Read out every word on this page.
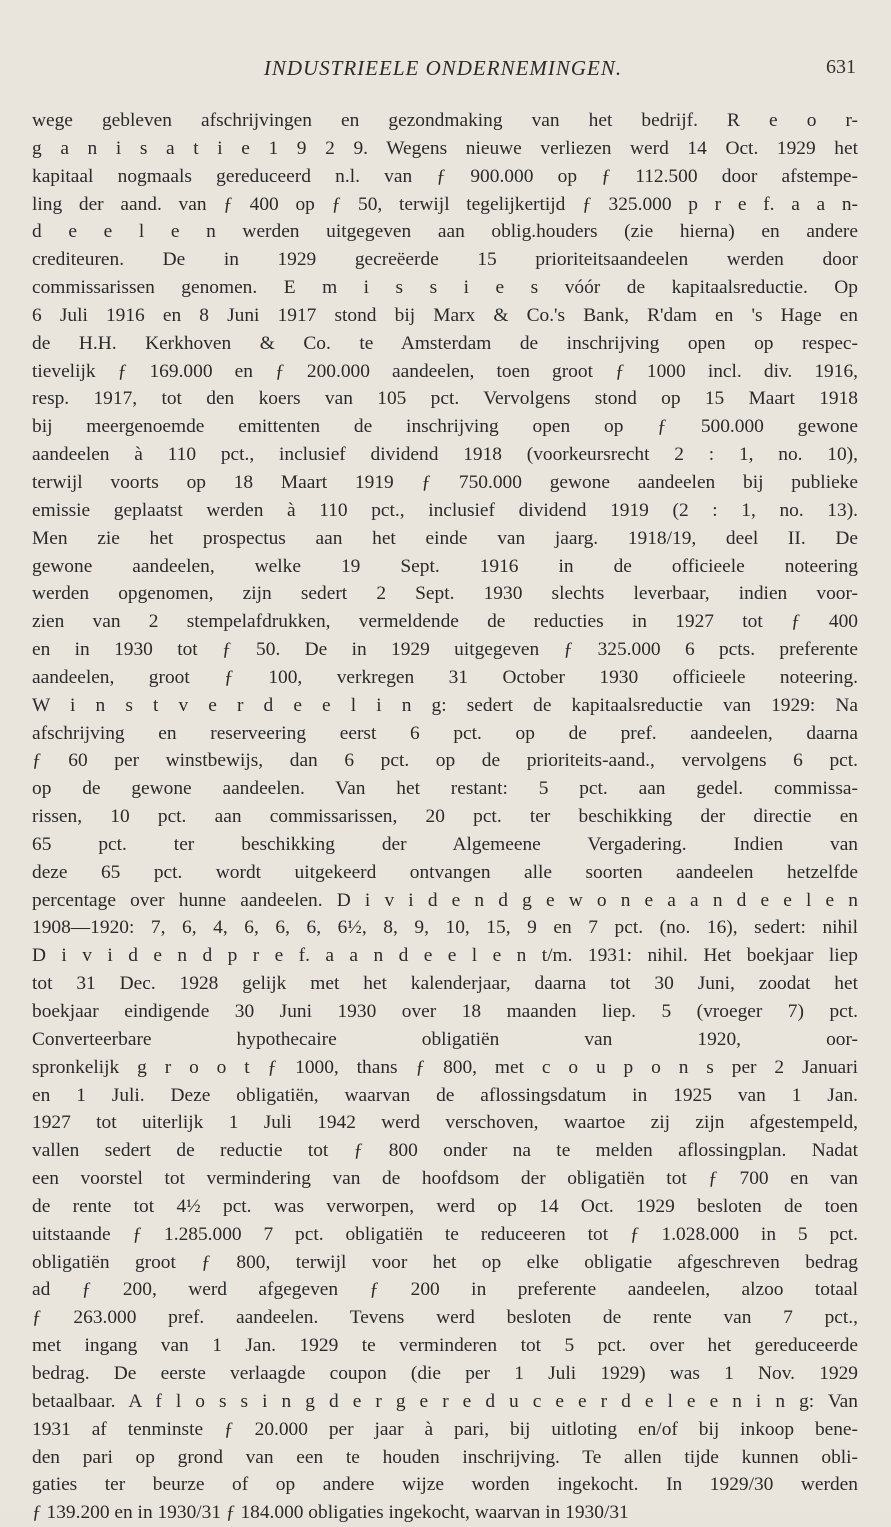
INDUSTRIEELE ONDERNEMINGEN.	631
wege gebleven afschrijvingen en gezondmaking van het bedrijf. R e o r-
g a n i s a t i e 1 9 2 9. Wegens nieuwe verliezen werd 14 Oct. 1929 het
kapitaal nogmaals gereduceerd n.l. van ƒ 900.000 op ƒ 112.500 door afstempe-
ling der aand. van ƒ 400 op ƒ 50, terwijl tegelijkertijd ƒ 325.000 p r e f. a a n-
d e e l e n werden uitgegeven aan oblig.houders (zie hierna) en andere
crediteuren. De in 1929 gecreëerde 15 prioriteitsaandeelen werden door
commissarissen genomen. E m i s s i e s vóór de kapitaalsreductie. Op
6 Juli 1916 en 8 Juni 1917 stond bij Marx & Co.'s Bank, R'dam en 's Hage en
de H.H. Kerkhoven & Co. te Amsterdam de inschrijving open op respec-
tievelijk ƒ 169.000 en ƒ 200.000 aandeelen, toen groot ƒ 1000 incl. div. 1916,
resp. 1917, tot den koers van 105 pct. Vervolgens stond op 15 Maart 1918
bij meergenoemde emittenten de inschrijving open op ƒ 500.000 gewone
aandeelen à 110 pct., inclusief dividend 1918 (voorkeursrecht 2 : 1, no. 10),
terwijl voorts op 18 Maart 1919 ƒ 750.000 gewone aandeelen bij publieke
emissie geplaatst werden à 110 pct., inclusief dividend 1919 (2 : 1, no. 13).
Men zie het prospectus aan het einde van jaarg. 1918/19, deel II. De
gewone aandeelen, welke 19 Sept. 1916 in de officieele noteering
werden opgenomen, zijn sedert 2 Sept. 1930 slechts leverbaar, indien voor-
zien van 2 stempelafdrukken, vermeldende de reducties in 1927 tot ƒ 400
en in 1930 tot ƒ 50. De in 1929 uitgegeven ƒ 325.000 6 pcts. preferente
aandeelen, groot ƒ 100, verkregen 31 October 1930 officieele noteering.
W i n s t v e r d e e l i n g: sedert de kapitaalsreductie van 1929: Na
afschrijving en reserveering eerst 6 pct. op de pref. aandeelen, daarna
ƒ 60 per winstbewijs, dan 6 pct. op de prioriteits-aand., vervolgens 6 pct.
op de gewone aandeelen. Van het restant: 5 pct. aan gedel. commissa-
rissen, 10 pct. aan commissarissen, 20 pct. ter beschikking der directie en
65 pct. ter beschikking der Algemeene Vergadering. Indien van
deze 65 pct. wordt uitgekeerd ontvangen alle soorten aandeelen hetzelfde
percentage over hunne aandeelen. D i v i d e n d g e w o n e a a n d e e l e n
1908—1920: 7, 6, 4, 6, 6, 6, 6½, 8, 9, 10, 15, 9 en 7 pct. (no. 16), sedert: nihil
D i v i d e n d p r e f. a a n d e e l e n t/m. 1931: nihil. Het boekjaar liep
tot 31 Dec. 1928 gelijk met het kalenderjaar, daarna tot 30 Juni, zoodat het
boekjaar eindigende 30 Juni 1930 over 18 maanden liep. 5 (vroeger 7) pct.
Converteerbare hypothecaire obligatiën van 1920, oor-
spronkelijk g r o o t ƒ 1000, thans ƒ 800, met c o u p o n s per 2 Januari
en 1 Juli. Deze obligatiën, waarvan de aflossingsdatum in 1925 van 1 Jan.
1927 tot uiterlijk 1 Juli 1942 werd verschoven, waartoe zij zijn afgestempeld,
vallen sedert de reductie tot ƒ 800 onder na te melden aflossingplan. Nadat
een voorstel tot vermindering van de hoofdsom der obligatiën tot ƒ 700 en van
de rente tot 4½ pct. was verworpen, werd op 14 Oct. 1929 besloten de toen
uitstaande ƒ 1.285.000 7 pct. obligatiën te reduceeren tot ƒ 1.028.000 in 5 pct.
obligatiën groot ƒ 800, terwijl voor het op elke obligatie afgeschreven bedrag
ad ƒ 200, werd afgegeven ƒ 200 in preferente aandeelen, alzoo totaal
ƒ 263.000 pref. aandeelen. Tevens werd besloten de rente van 7 pct.,
met ingang van 1 Jan. 1929 te verminderen tot 5 pct. over het gereduceerde
bedrag. De eerste verlaagde coupon (die per 1 Juli 1929) was 1 Nov. 1929
betaalbaar. A f l o s s i n g d e r g e r e d u c e e r d e l e e n i n g: Van
1931 af tenminste ƒ 20.000 per jaar à pari, bij uitloting en/of bij inkoop bene-
den pari op grond van een te houden inschrijving. Te allen tijde kunnen obli-
gaties ter beurze of op andere wijze worden ingekocht. In 1929/30 werden
ƒ 139.200 en in 1930/31 ƒ 184.000 obligaties ingekocht, waarvan in 1930/31
